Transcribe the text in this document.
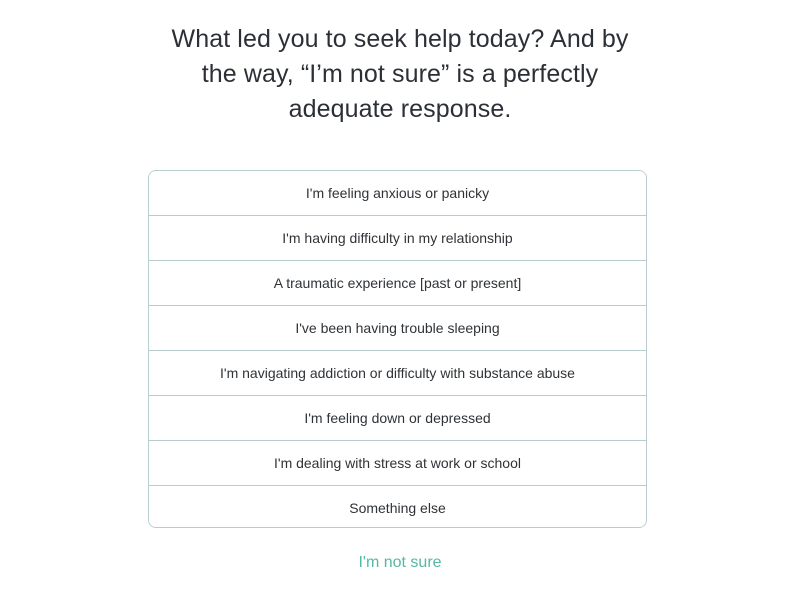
What led you to seek help today? And by
the way, “I’m not sure” is a perfectly
adequate response.
I'm feeling anxious or panicky
I'm having difficulty in my relationship
A traumatic experience [past or present]
I've been having trouble sleeping
I'm navigating addiction or difficulty with substance abuse
I'm feeling down or depressed
I'm dealing with stress at work or school
Something else
I'm not sure
